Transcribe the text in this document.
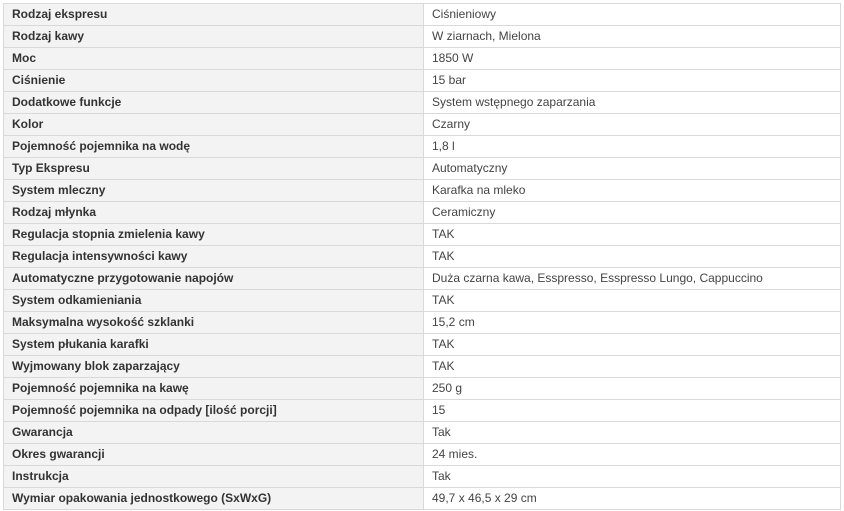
Rodzaj ekspresu	Ciśnieniowy
Rodzaj kawy	W ziarnach, Mielona
Moc	1850 W
Ciśnienie	15 bar
Dodatkowe funkcje	System wstępnego zaparzania
Kolor	Czarny
Pojemność pojemnika na wodę	1,8 l
Typ Ekspresu	Automatyczny
System mleczny	Karafka na mleko
Rodzaj młynka	Ceramiczny
Regulacja stopnia zmielenia kawy	TAK
Regulacja intensywności kawy	TAK
Automatyczne przygotowanie napojów	Duża czarna kawa, Esspresso, Esspresso Lungo, Cappuccino
System odkamieniania	TAK
Maksymalna wysokość szklanki	15,2 cm
System płukania karafki	TAK
Wyjmowany blok zaparzający	TAK
Pojemność pojemnika na kawę	250 g
Pojemność pojemnika na odpady [ilość porcji]	15
Gwarancja	Tak
Okres gwarancji	24 mies.
Instrukcja	Tak
Wymiar opakowania jednostkowego (SxWxG)	49,7 x 46,5 x 29 cm
